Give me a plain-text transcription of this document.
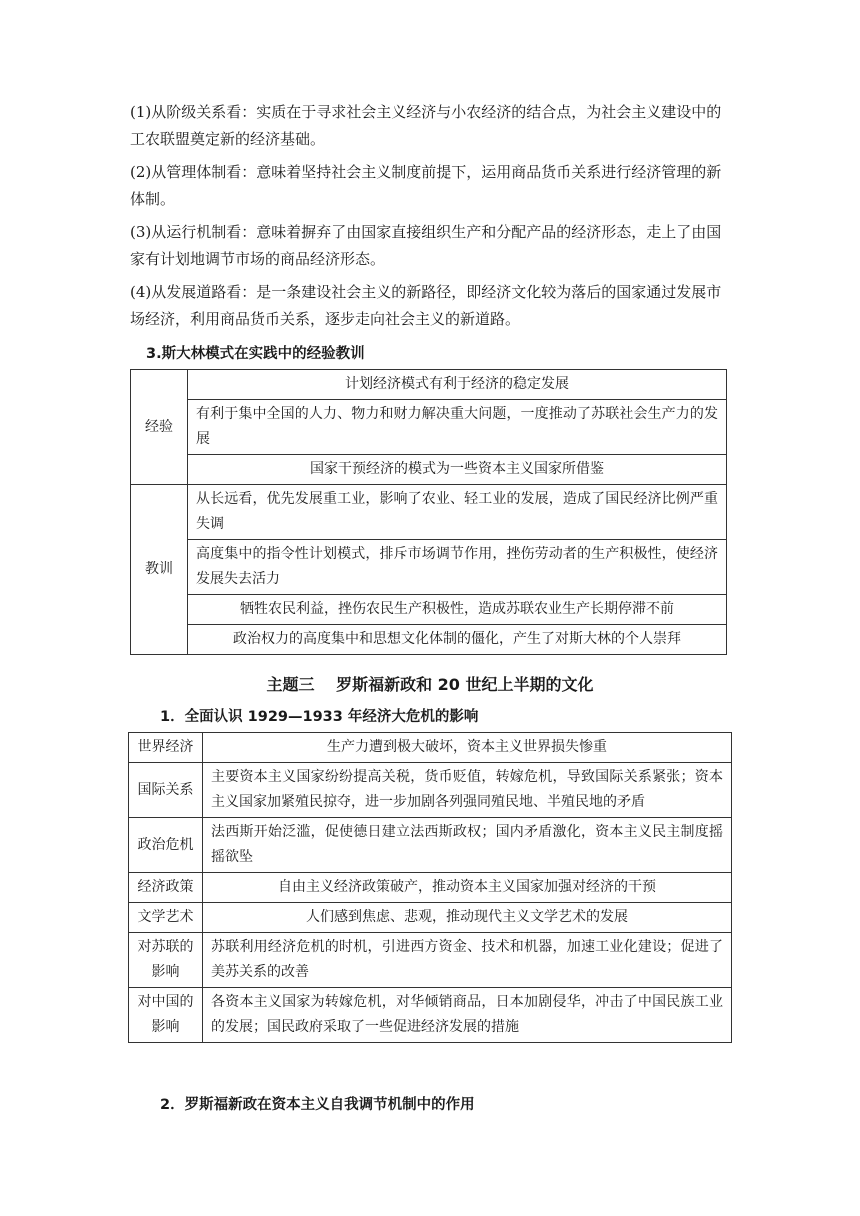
(1)从阶级关系看：实质在于寻求社会主义经济与小农经济的结合点，为社会主义建设中的工农联盟奠定新的经济基础。

(2)从管理体制看：意味着坚持社会主义制度前提下，运用商品货币关系进行经济管理的新体制。

(3)从运行机制看：意味着摒弃了由国家直接组织生产和分配产品的经济形态，走上了由国家有计划地调节市场的商品经济形态。

(4)从发展道路看：是一条建设社会主义的新路径，即经济文化较为落后的国家通过发展市场经济，利用商品货币关系，逐步走向社会主义的新道路。

3.斯大林模式在实践中的经验教训

经验	计划经济模式有利于经济的稳定发展
	有利于集中全国的人力、物力和财力解决重大问题，一度推动了苏联社会生产力的发展
	国家干预经济的模式为一些资本主义国家所借鉴
教训	从长远看，优先发展重工业，影响了农业、轻工业的发展，造成了国民经济比例严重失调
	高度集中的指令性计划模式，排斥市场调节作用，挫伤劳动者的生产积极性，使经济发展失去活力
	牺牲农民利益，挫伤农民生产积极性，造成苏联农业生产长期停滞不前
	政治权力的高度集中和思想文化体制的僵化，产生了对斯大林的个人崇拜

主题三　 罗斯福新政和 20 世纪上半期的文化

1．全面认识 1929—1933 年经济大危机的影响

世界经济	生产力遭到极大破坏，资本主义世界损失惨重
国际关系	主要资本主义国家纷纷提高关税，货币贬值，转嫁危机，导致国际关系紧张；资本主义国家加紧殖民掠夺，进一步加剧各列强同殖民地、半殖民地的矛盾
政治危机	法西斯开始泛滥，促使德日建立法西斯政权；国内矛盾激化，资本主义民主制度摇摇欲坠
经济政策	自由主义经济政策破产，推动资本主义国家加强对经济的干预
文学艺术	人们感到焦虑、悲观，推动现代主义文学艺术的发展
对苏联的影响	苏联利用经济危机的时机，引进西方资金、技术和机器，加速工业化建设；促进了美苏关系的改善
对中国的影响	各资本主义国家为转嫁危机，对华倾销商品，日本加剧侵华，冲击了中国民族工业的发展；国民政府采取了一些促进经济发展的措施

2．罗斯福新政在资本主义自我调节机制中的作用
